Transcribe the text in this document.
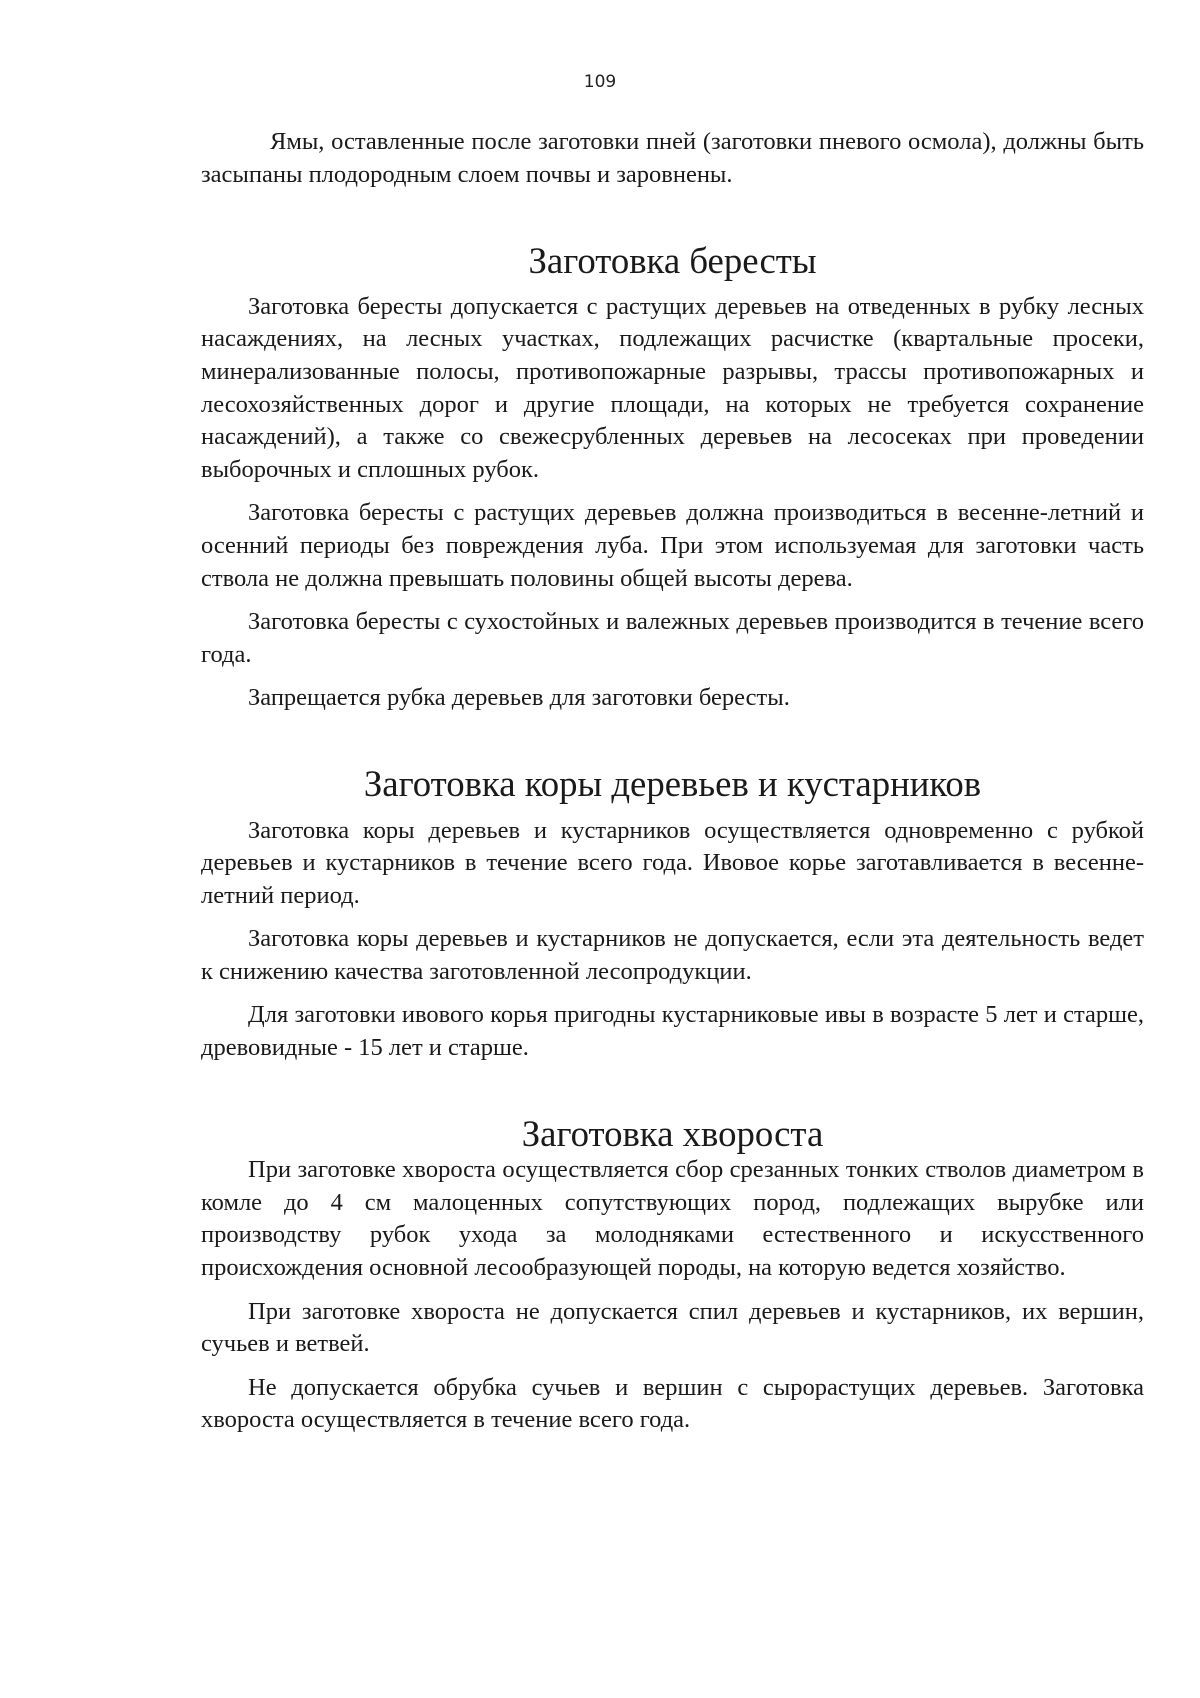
109

Ямы, оставленные после заготовки пней (заготовки пневого осмола), должны быть засыпаны плодородным слоем почвы и заровнены.

Заготовка бересты

Заготовка бересты допускается с растущих деревьев на отведенных в рубку лесных насаждениях, на лесных участках, подлежащих расчистке (квартальные просеки, минерализованные полосы, противопожарные разрывы, трассы противопожарных и лесохозяйственных дорог и другие площади, на которых не требуется сохранение насаждений), а также со свежесрубленных деревьев на лесосеках при проведении выборочных и сплошных рубок.

Заготовка бересты с растущих деревьев должна производиться в весенне-летний и осенний периоды без повреждения луба. При этом используемая для заготовки часть ствола не должна превышать половины общей высоты дерева.

Заготовка бересты с сухостойных и валежных деревьев производится в течение всего года.

Запрещается рубка деревьев для заготовки бересты.

Заготовка коры деревьев и кустарников

Заготовка коры деревьев и кустарников осуществляется одновременно с рубкой деревьев и кустарников в течение всего года. Ивовое корье заготавливается в весенне-летний период.

Заготовка коры деревьев и кустарников не допускается, если эта деятельность ведет к снижению качества заготовленной лесопродукции.

Для заготовки ивового корья пригодны кустарниковые ивы в возрасте 5 лет и старше, древовидные - 15 лет и старше.

Заготовка хвороста

При заготовке хвороста осуществляется сбор срезанных тонких стволов диаметром в комле до 4 см малоценных сопутствующих пород, подлежащих вырубке или производству рубок ухода за молодняками естественного и искусственного происхождения основной лесообразующей породы, на которую ведется хозяйство.

При заготовке хвороста не допускается спил деревьев и кустарников, их вершин, сучьев и ветвей.

Не допускается обрубка сучьев и вершин с сырорастущих деревьев. Заготовка хвороста осуществляется в течение всего года.
